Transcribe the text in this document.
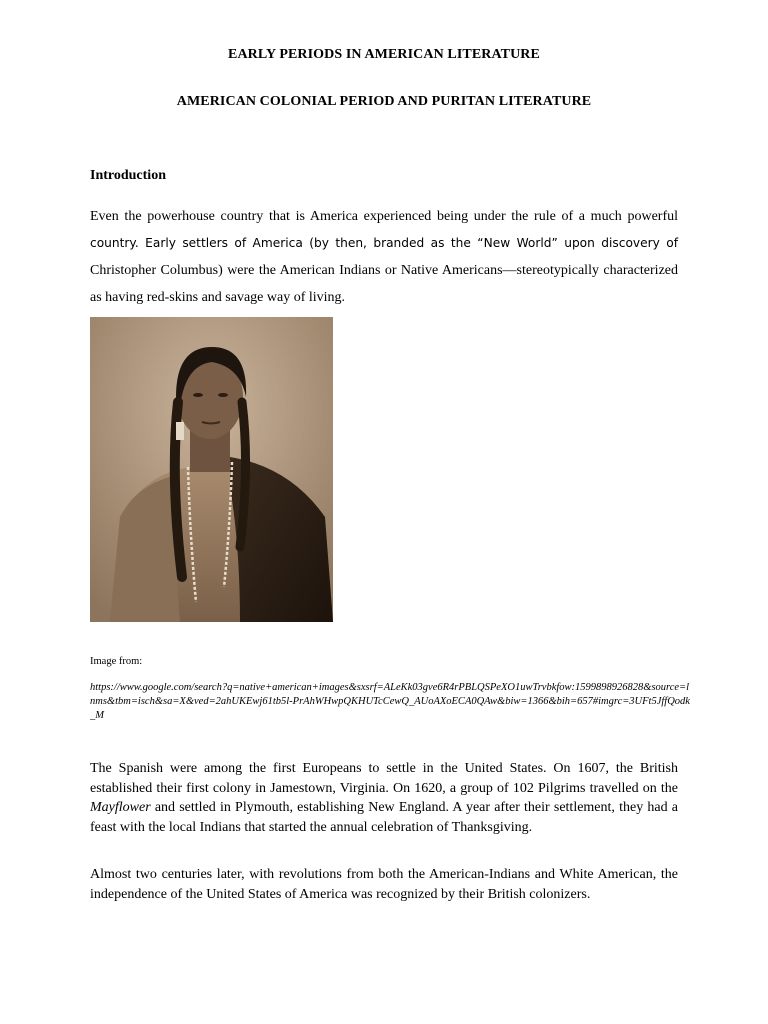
EARLY PERIODS IN AMERICAN LITERATURE
AMERICAN COLONIAL PERIOD AND PURITAN LITERATURE
Introduction
Even the powerhouse country that is America experienced being under the rule of a much powerful country. Early settlers of America (by then, branded as the “New World” upon discovery of Christopher Columbus) were the American Indians or Native Americans—stereotypically characterized as having red-skins and savage way of living.
Image from:
https://www.google.com/search?q=native+american+images&sxsrf=ALeKk03gve6R4rPBLQSPeXO1uwTrvbkfow:1599898926828&source=lnms&tbm=isch&sa=X&ved=2ahUKEwj61tb5l-PrAhWHwpQKHUTcCewQ_AUoAXoECA0QAw&biw=1366&bih=657#imgrc=3UFt5JffQodk_M
The Spanish were among the first Europeans to settle in the United States. On 1607, the British established their first colony in Jamestown, Virginia. On 1620, a group of 102 Pilgrims travelled on the Mayflower and settled in Plymouth, establishing New England. A year after their settlement, they had a feast with the local Indians that started the annual celebration of Thanksgiving.
Almost two centuries later, with revolutions from both the American-Indians and White American, the independence of the United States of America was recognized by their British colonizers.
